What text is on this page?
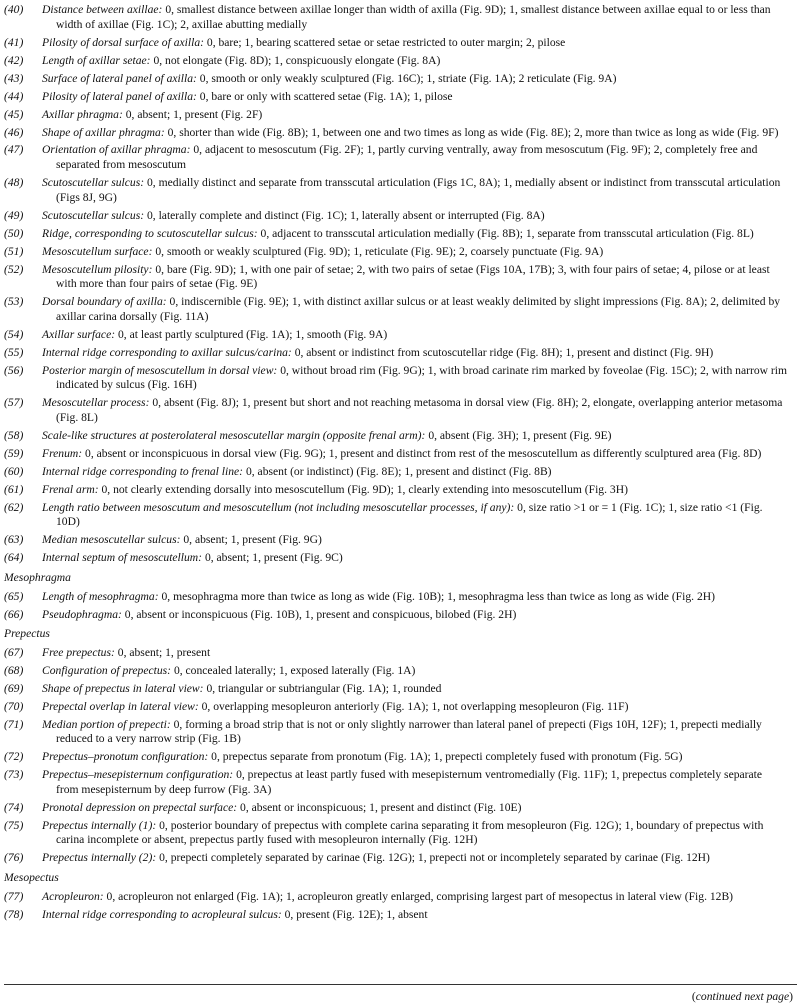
(40)	Distance between axillae: 0, smallest distance between axillae longer than width of axilla (Fig. 9D); 1, smallest distance between axillae equal to or less than width of axillae (Fig. 1C); 2, axillae abutting medially
(41)	Pilosity of dorsal surface of axilla: 0, bare; 1, bearing scattered setae or setae restricted to outer margin; 2, pilose
(42)	Length of axillar setae: 0, not elongate (Fig. 8D); 1, conspicuously elongate (Fig. 8A)
(43)	Surface of lateral panel of axilla: 0, smooth or only weakly sculptured (Fig. 16C); 1, striate (Fig. 1A); 2 reticulate (Fig. 9A)
(44)	Pilosity of lateral panel of axilla: 0, bare or only with scattered setae (Fig. 1A); 1, pilose
(45)	Axillar phragma: 0, absent; 1, present (Fig. 2F)
(46)	Shape of axillar phragma: 0, shorter than wide (Fig. 8B); 1, between one and two times as long as wide (Fig. 8E); 2, more than twice as long as wide (Fig. 9F)
(47)	Orientation of axillar phragma: 0, adjacent to mesoscutum (Fig. 2F); 1, partly curving ventrally, away from mesoscutum (Fig. 9F); 2, completely free and separated from mesoscutum
(48)	Scutoscutellar sulcus: 0, medially distinct and separate from transscutal articulation (Figs 1C, 8A); 1, medially absent or indistinct from transscutal articulation (Figs 8J, 9G)
(49)	Scutoscutellar sulcus: 0, laterally complete and distinct (Fig. 1C); 1, laterally absent or interrupted (Fig. 8A)
(50)	Ridge, corresponding to scutoscutellar sulcus: 0, adjacent to transscutal articulation medially (Fig. 8B); 1, separate from transscutal articulation (Fig. 8L)
(51)	Mesoscutellum surface: 0, smooth or weakly sculptured (Fig. 9D); 1, reticulate (Fig. 9E); 2, coarsely punctuate (Fig. 9A)
(52)	Mesoscutellum pilosity: 0, bare (Fig. 9D); 1, with one pair of setae; 2, with two pairs of setae (Figs 10A, 17B); 3, with four pairs of setae; 4, pilose or at least with more than four pairs of setae (Fig. 9E)
(53)	Dorsal boundary of axilla: 0, indiscernible (Fig. 9E); 1, with distinct axillar sulcus or at least weakly delimited by slight impressions (Fig. 8A); 2, delimited by axillar carina dorsally (Fig. 11A)
(54)	Axillar surface: 0, at least partly sculptured (Fig. 1A); 1, smooth (Fig. 9A)
(55)	Internal ridge corresponding to axillar sulcus/carina: 0, absent or indistinct from scutoscutellar ridge (Fig. 8H); 1, present and distinct (Fig. 9H)
(56)	Posterior margin of mesoscutellum in dorsal view: 0, without broad rim (Fig. 9G); 1, with broad carinate rim marked by foveolae (Fig. 15C); 2, with narrow rim indicated by sulcus (Fig. 16H)
(57)	Mesoscutellar process: 0, absent (Fig. 8J); 1, present but short and not reaching metasoma in dorsal view (Fig. 8H); 2, elongate, overlapping anterior metasoma (Fig. 8L)
(58)	Scale-like structures at posterolateral mesoscutellar margin (opposite frenal arm): 0, absent (Fig. 3H); 1, present (Fig. 9E)
(59)	Frenum: 0, absent or inconspicuous in dorsal view (Fig. 9G); 1, present and distinct from rest of the mesoscutellum as differently sculptured area (Fig. 8D)
(60)	Internal ridge corresponding to frenal line: 0, absent (or indistinct) (Fig. 8E); 1, present and distinct (Fig. 8B)
(61)	Frenal arm: 0, not clearly extending dorsally into mesoscutellum (Fig. 9D); 1, clearly extending into mesoscutellum (Fig. 3H)
(62)	Length ratio between mesoscutum and mesoscutellum (not including mesoscutellar processes, if any): 0, size ratio >1 or = 1 (Fig. 1C); 1, size ratio <1 (Fig. 10D)
(63)	Median mesoscutellar sulcus: 0, absent; 1, present (Fig. 9G)
(64)	Internal septum of mesoscutellum: 0, absent; 1, present (Fig. 9C)
Mesophragma
(65)	Length of mesophragma: 0, mesophragma more than twice as long as wide (Fig. 10B); 1, mesophragma less than twice as long as wide (Fig. 2H)
(66)	Pseudophragma: 0, absent or inconspicuous (Fig. 10B), 1, present and conspicuous, bilobed (Fig. 2H)
Prepectus
(67)	Free prepectus: 0, absent; 1, present
(68)	Configuration of prepectus: 0, concealed laterally; 1, exposed laterally (Fig. 1A)
(69)	Shape of prepectus in lateral view: 0, triangular or subtriangular (Fig. 1A); 1, rounded
(70)	Prepectal overlap in lateral view: 0, overlapping mesopleuron anteriorly (Fig. 1A); 1, not overlapping mesopleuron (Fig. 11F)
(71)	Median portion of prepecti: 0, forming a broad strip that is not or only slightly narrower than lateral panel of prepecti (Figs 10H, 12F); 1, prepecti medially reduced to a very narrow strip (Fig. 1B)
(72)	Prepectus–pronotum configuration: 0, prepectus separate from pronotum (Fig. 1A); 1, prepecti completely fused with pronotum (Fig. 5G)
(73)	Prepectus–mesepisternum configuration: 0, prepectus at least partly fused with mesepisternum ventromedially (Fig. 11F); 1, prepectus completely separate from mesepisternum by deep furrow (Fig. 3A)
(74)	Pronotal depression on prepectal surface: 0, absent or inconspicuous; 1, present and distinct (Fig. 10E)
(75)	Prepectus internally (1): 0, posterior boundary of prepectus with complete carina separating it from mesopleuron (Fig. 12G); 1, boundary of prepectus with carina incomplete or absent, prepectus partly fused with mesopleuron internally (Fig. 12H)
(76)	Prepectus internally (2): 0, prepecti completely separated by carinae (Fig. 12G); 1, prepecti not or incompletely separated by carinae (Fig. 12H)
Mesopectus
(77)	Acropleuron: 0, acropleuron not enlarged (Fig. 1A); 1, acropleuron greatly enlarged, comprising largest part of mesopectus in lateral view (Fig. 12B)
(78)	Internal ridge corresponding to acropleural sulcus: 0, present (Fig. 12E); 1, absent
(continued next page)
